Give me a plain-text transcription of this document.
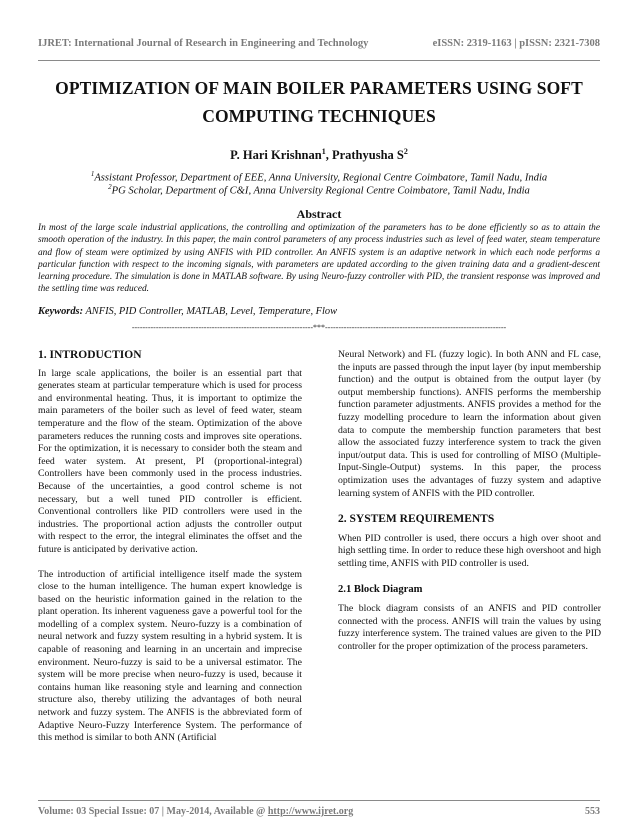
IJRET: International Journal of Research in Engineering and Technology	eISSN: 2319-1163 | pISSN: 2321-7308
OPTIMIZATION OF MAIN BOILER PARAMETERS USING SOFT
COMPUTING TECHNIQUES
P. Hari Krishnan$^1$, Prathyusha $S^2$
$^1$Assistant Professor, Department of EEE, Anna University, Regional Centre Coimbatore, Tamil Nadu, India
$^2$PG Scholar, Department of C&I, Anna University Regional Centre Coimbatore, Tamil Nadu, India
Abstract
In most of the large scale industrial applications, the controlling and optimization of the parameters has to be done efficiently so as to attain the smooth operation of the industry. In this paper, the main control parameters of any process industries such as level of feed water, steam temperature and flow of steam were optimized by using ANFIS with PID controller. An ANFIS system is an adaptive network in which each node performs a particular function with respect to the incoming signals, with parameters are updated according to the given training data and a gradient-descent learning procedure. The simulation is done in MATLAB software. By using Neuro-fuzzy controller with PID, the transient response was improved and the settling time was reduced.
Keywords: ANFIS, PID Controller, MATLAB, Level, Temperature, Flow
--------------------------------------------------------------------***--------------------------------------------------------------------
1. INTRODUCTION

In large scale applications, the boiler is an essential part that generates steam at particular temperature which is used for process and environmental heating. Thus, it is important to optimize the main parameters of the boiler such as level of feed water, steam temperature and the flow of the steam. Optimization of the above parameters reduces the running costs and improves site operations. For the optimization, it is necessary to consider both the steam and feed water system. At present, PI (proportional-integral) Controllers have been commonly used in the process industries. Because of the uncertainties, a good control scheme is not necessary, but a well tuned PID controller is efficient. Conventional controllers like PID controllers were used in the industries. The proportional action adjusts the controller output with respect to the error, the integral eliminates the offset and the future is anticipated by derivative action.

The introduction of artificial intelligence itself made the system close to the human intelligence. The human expert knowledge is based on the heuristic information gained in the relation to the plant operation. Its inherent vagueness gave a powerful tool for the modelling of a complex system. Neuro-fuzzy is a combination of neural network and fuzzy system resulting in a hybrid system. It is capable of reasoning and learning in an uncertain and imprecise environment. Neuro-fuzzy is said to be a universal estimator. The system will be more precise when neuro-fuzzy is used, because it contains human like reasoning style and learning and connection structure also, thereby utilizing the advantages of both neural network and fuzzy system. The ANFIS is the abbreviated form of Adaptive Neuro-Fuzzy Interference System. The performance of this method is similar to both ANN (Artificial

Neural Network) and FL (fuzzy logic). In both ANN and FL case, the inputs are passed through the input layer (by input membership function) and the output is obtained from the output layer (by output membership functions). ANFIS performs the membership function parameter adjustments. ANFIS provides a method for the fuzzy modelling procedure to learn the information about given data to compute the membership function parameters that best allow the associated fuzzy interference system to track the given input/output data. This is used for controlling of MISO (Multiple-Input-Single-Output) systems. In this paper, the process optimization uses the advantages of fuzzy system and adaptive learning system of ANFIS with the PID controller.

2. SYSTEM REQUIREMENTS

When PID controller is used, there occurs a high over shoot and high settling time. In order to reduce these high overshoot and high settling time, ANFIS with PID controller is used.

2.1 Block Diagram

The block diagram consists of an ANFIS and PID controller connected with the process. ANFIS will train the values by using fuzzy interference system. The trained values are given to the PID controller for the proper optimization of the process parameters.

Volume: 03 Special Issue: 07 | May-2014, Available @ http://www.ijret.org	553
